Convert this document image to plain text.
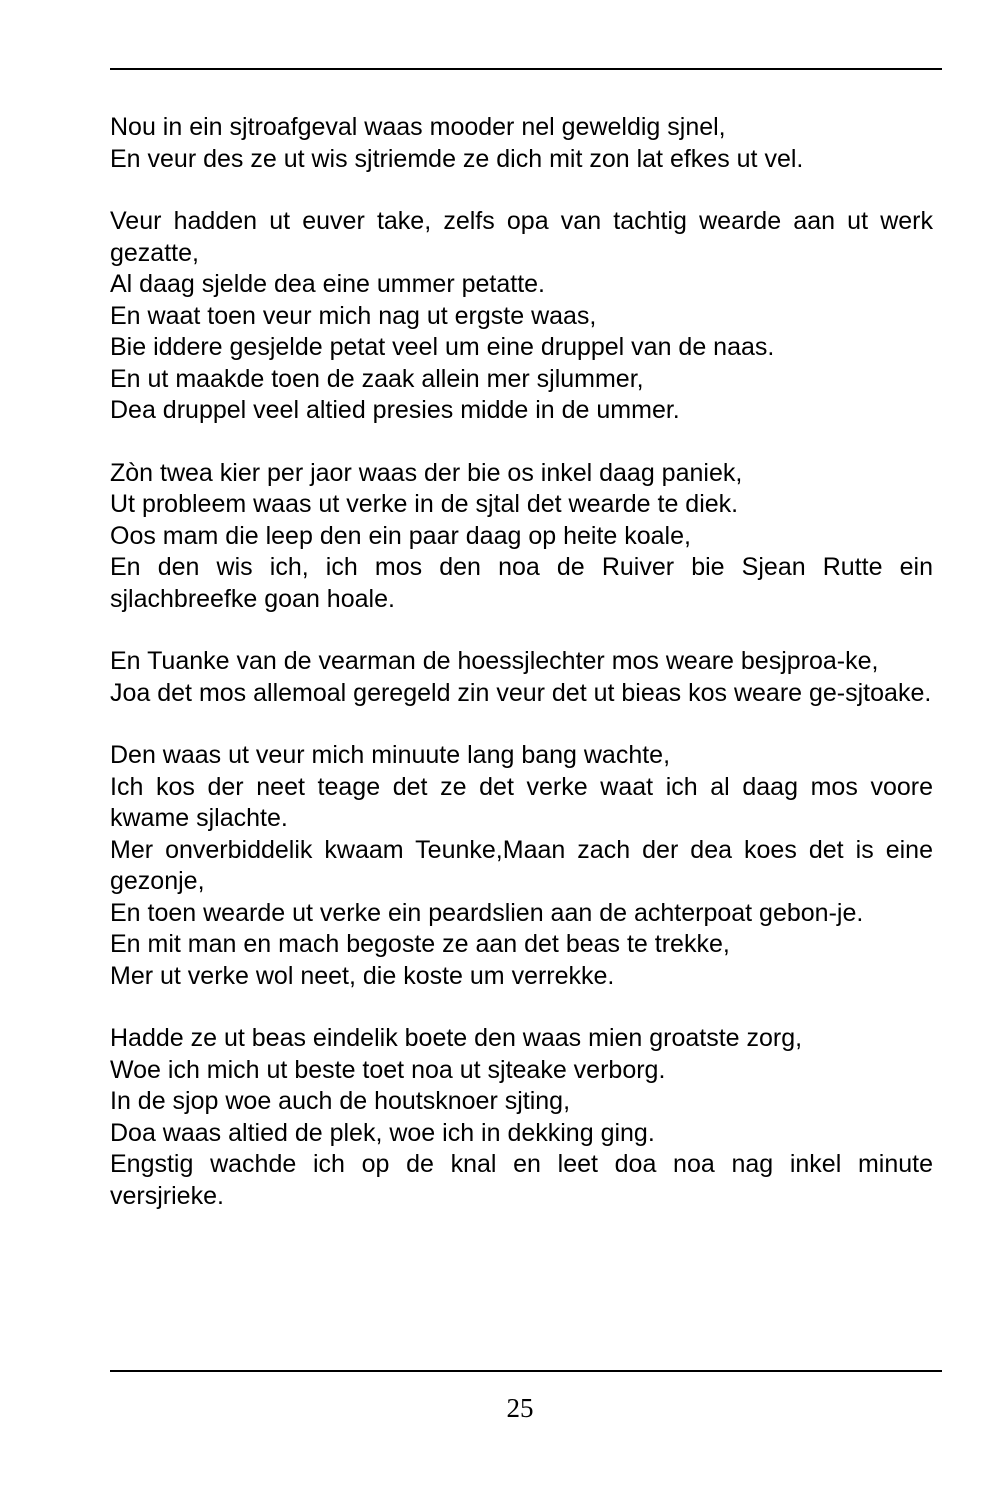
Nou in ein sjtroafgeval waas mooder nel geweldig sjnel,
En veur des ze ut wis sjtriemde ze dich mit zon lat efkes ut vel.
Veur hadden ut euver take, zelfs opa van tachtig wearde aan ut werk gezatte,
Al daag sjelde dea eine ummer petatte.
En waat toen veur mich nag ut ergste waas,
Bie iddere gesjelde petat veel um eine druppel van de naas.
En ut maakde toen de zaak allein mer sjlummer,
Dea druppel veel altied presies midde in de ummer.
Zòn twea kier per jaor waas der bie os inkel daag paniek,
Ut probleem waas ut verke in de sjtal det wearde te diek.
Oos mam die leep den ein paar daag op heite koale,
En den wis ich, ich mos den noa de Ruiver bie Sjean Rutte ein sjlachbreefke goan hoale.
En Tuanke van de vearman de hoessjlechter mos weare besjproa-ke,
Joa det mos allemoal geregeld zin veur det ut bieas kos weare ge-sjtoake.
Den waas ut veur mich minuute lang bang wachte,
Ich kos der neet teage det ze det verke waat ich al daag mos voore kwame sjlachte.
Mer onverbiddelik kwaam Teunke,Maan zach der dea koes det is eine gezonje,
En toen wearde ut verke ein peardslien aan de achterpoat gebon-je.
En mit man en mach begoste ze aan det beas te trekke,
Mer ut verke wol neet, die koste um verrekke.
Hadde ze ut beas eindelik boete den waas mien groatste zorg,
Woe ich mich ut beste toet noa ut sjteake verborg.
In de sjop woe auch de houtsknoer sjting,
Doa waas altied de plek, woe ich in dekking ging.
Engstig wachde ich op de knal en leet doa noa nag inkel minute versjrieke.
25
